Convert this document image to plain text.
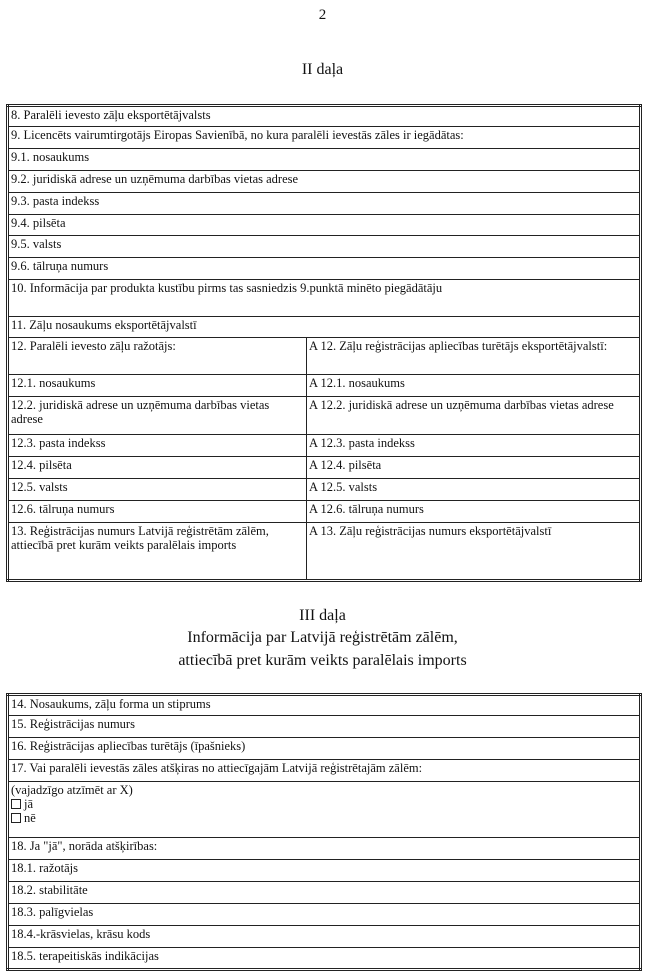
2
II daļa
8. Paralēli ievesto zāļu eksportētājvalsts	
9. Licencēts vairumtirgotājs Eiropas Savienībā, no kura paralēli ievestās zāles ir iegādātas:	
9.1. nosaukums	
9.2. juridiskā adrese un uzņēmuma darbības vietas adrese	
9.3. pasta indekss	
9.4. pilsēta	
9.5. valsts	
9.6. tālruņa numurs	
10. Informācija par produkta kustību pirms tas sasniedzis 9.punktā minēto piegādātāju	
11. Zāļu nosaukums eksportētājvalstī	
12. Paralēli ievesto zāļu ražotājs:	A 12. Zāļu reģistrācijas apliecības turētājs eksportētājvalstī:
12.1. nosaukums	A 12.1. nosaukums
12.2. juridiskā adrese un uzņēmuma darbības vietas adrese	A 12.2. juridiskā adrese un uzņēmuma darbības vietas adrese
12.3. pasta indekss	A 12.3. pasta indekss
12.4. pilsēta	A 12.4. pilsēta
12.5. valsts	A 12.5. valsts
12.6. tālruņa numurs	A 12.6. tālruņa numurs
13. Reģistrācijas numurs Latvijā reģistrētām zālēm, attiecībā pret kurām veikts paralēlais imports	A 13. Zāļu reģistrācijas numurs eksportētājvalstī
III daļa
Informācija par Latvijā reģistrētām zālēm,
attiecībā pret kurām veikts paralēlais imports
14. Nosaukums, zāļu forma un stiprums
15. Reģistrācijas numurs
16. Reģistrācijas apliecības turētājs (īpašnieks)
17. Vai paralēli ievestās zāles atšķiras no attiecīgajām Latvijā reģistrētajām zālēm:

(vajadzīgo atzīmēt ar X)
jā
nē

18. Ja "jā", norāda atšķirības:
18.1. ražotājs
18.2. stabilitāte
18.3. palīgvielas
18.4.-krāsvielas, krāsu kods
18.5. terapeitiskās indikācijas
